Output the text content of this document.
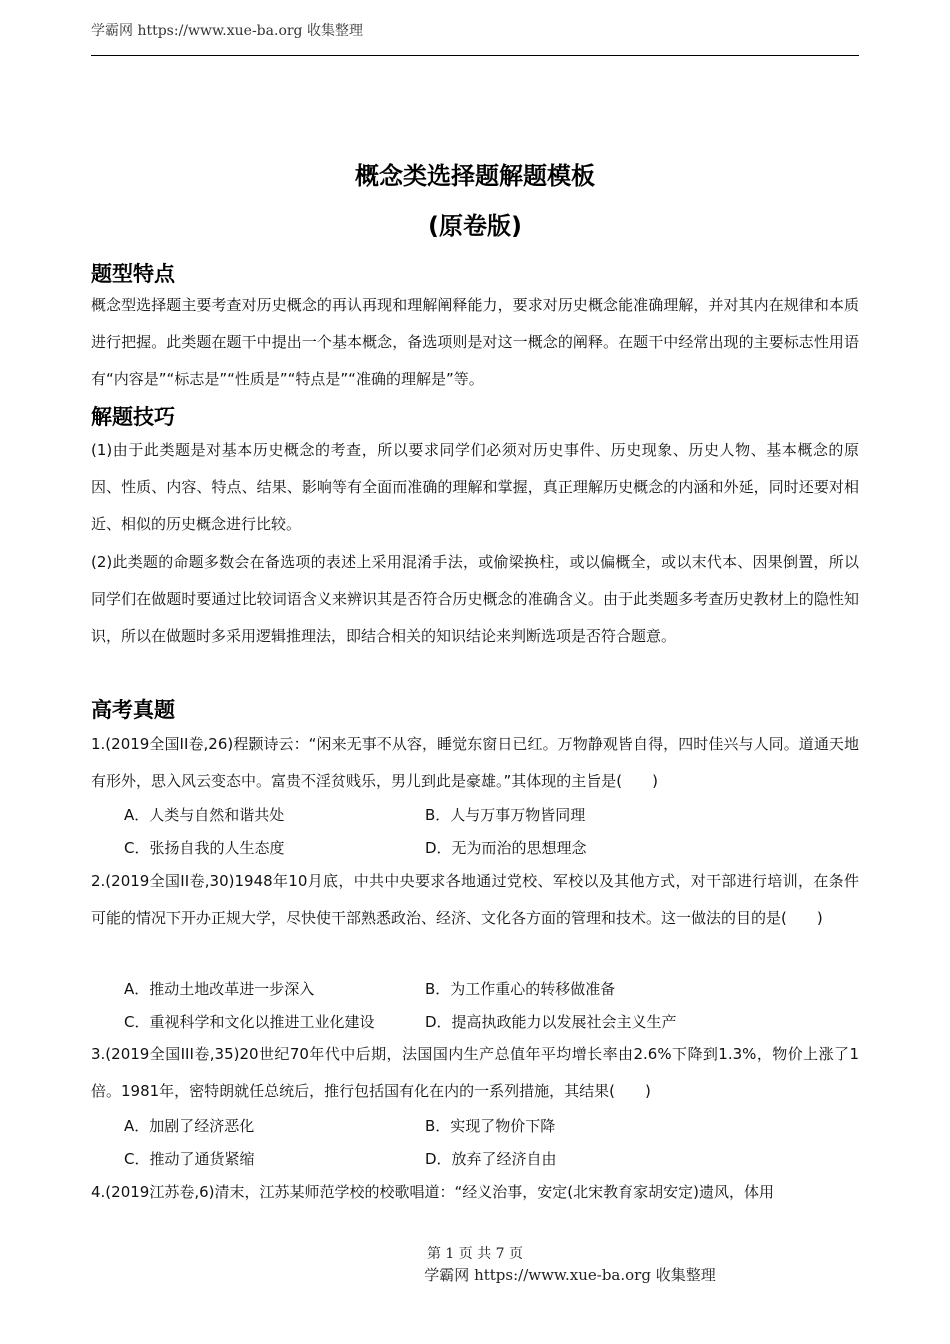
学霸网 https://www.xue-ba.org 收集整理
概念类选择题解题模板
(原卷版)
题型特点
概念型选择题主要考查对历史概念的再认再现和理解阐释能力，要求对历史概念能准确理解，并对其内在规律和本质进行把握。此类题在题干中提出一个基本概念，备选项则是对这一概念的阐释。在题干中经常出现的主要标志性用语有“内容是”“标志是”“性质是”“特点是”“准确的理解是”等。
解题技巧
(1)由于此类题是对基本历史概念的考查，所以要求同学们必须对历史事件、历史现象、历史人物、基本概念的原因、性质、内容、特点、结果、影响等有全面而准确的理解和掌握，真正理解历史概念的内涵和外延，同时还要对相近、相似的历史概念进行比较。
(2)此类题的命题多数会在备选项的表述上采用混淆手法，或偷梁换柱，或以偏概全，或以末代本、因果倒置，所以同学们在做题时要通过比较词语含义来辨识其是否符合历史概念的准确含义。由于此类题多考查历史教材上的隐性知识，所以在做题时多采用逻辑推理法，即结合相关的知识结论来判断选项是否符合题意。
高考真题
1.(2019全国II卷,26)程颢诗云：“闲来无事不从容，睡觉东窗日已红。万物静观皆自得，四时佳兴与人同。道通天地有形外，思入风云变态中。富贵不淫贫贱乐，男儿到此是豪雄。”其体现的主旨是(　　)
A．人类与自然和谐共处	B．人与万事万物皆同理
C．张扬自我的人生态度	D．无为而治的思想理念
2.(2019全国II卷,30)1948年10月底，中共中央要求各地通过党校、军校以及其他方式，对干部进行培训，在条件可能的情况下开办正规大学，尽快使干部熟悉政治、经济、文化各方面的管理和技术。这一做法的目的是(　　)
A．推动土地改革进一步深入	B．为工作重心的转移做准备
C．重视科学和文化以推进工业化建设	D．提高执政能力以发展社会主义生产
3.(2019全国III卷,35)20世纪70年代中后期，法国国内生产总值年平均增长率由2.6%下降到1.3%，物价上涨了1倍。1981年，密特朗就任总统后，推行包括国有化在内的一系列措施，其结果(　　)
A．加剧了经济恶化	B．实现了物价下降
C．推动了通货紧缩	D．放弃了经济自由
4.(2019江苏卷,6)清末，江苏某师范学校的校歌唱道：“经义治事，安定(北宋教育家胡安定)遗风，体用
第 1 页 共 7 页
学霸网 https://www.xue-ba.org 收集整理
